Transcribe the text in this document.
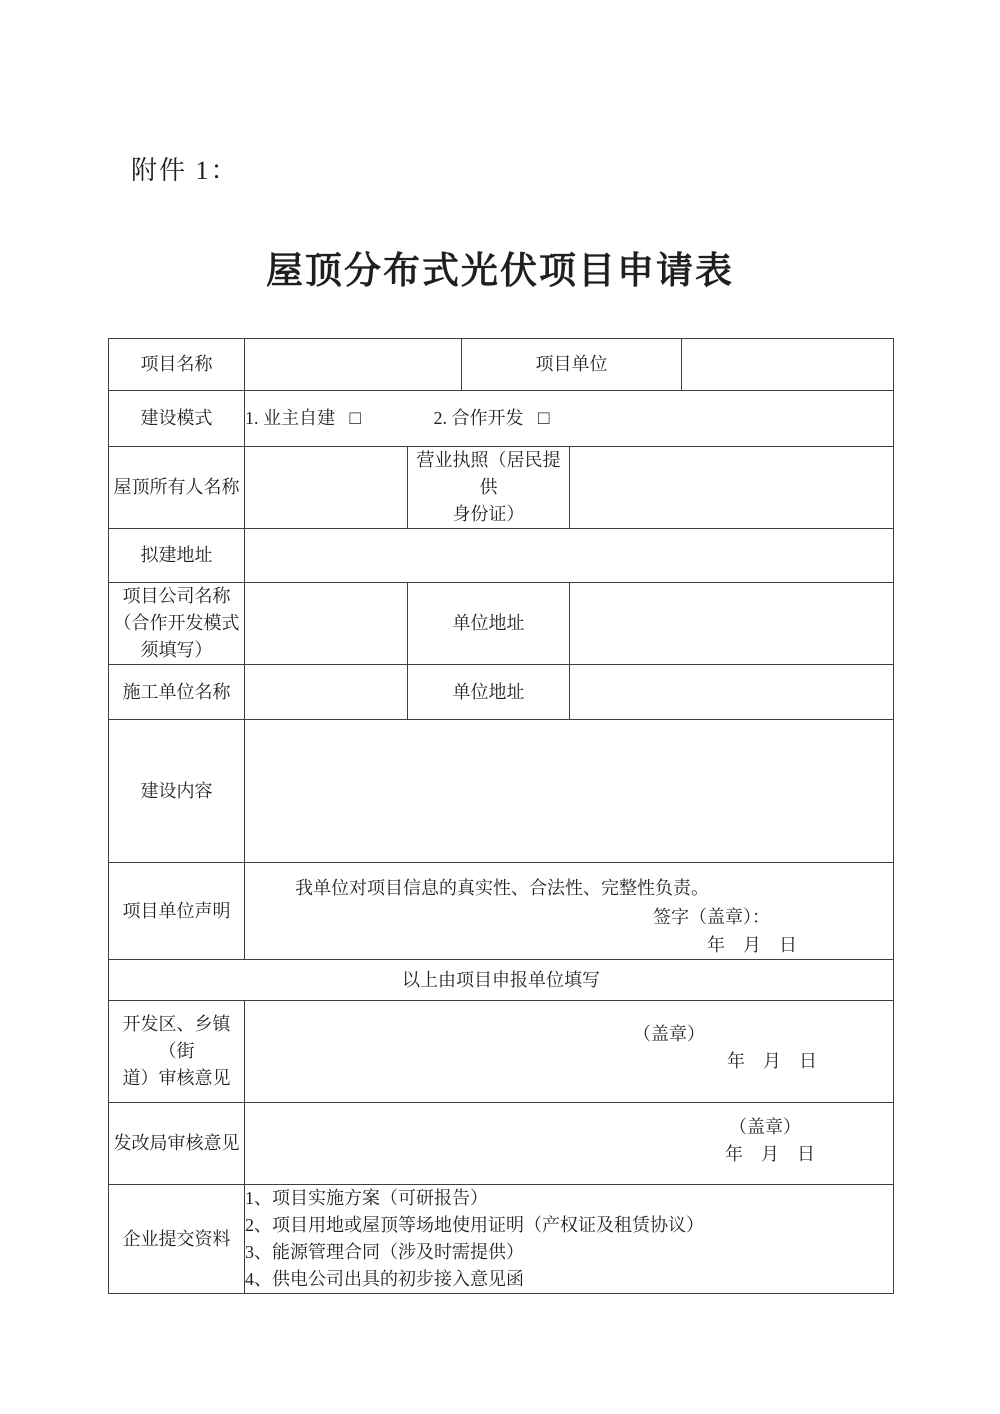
附件 1：
屋顶分布式光伏项目申请表
项目名称			项目单位		
建设模式	1. 业主自建 □ 2. 合作开发 □				
屋顶所有人名称		营业执照（居民提供
身份证）			

拟建地址					

项目公司名称
（合作开发模式
须填写）		单位地址			
施工单位名称		单位地址			
建设内容					
项目单位声明	我单位对项目信息的真实性、合法性、完整性负责。
签字（盖章）：
年    月    日				

以上由项目申报单位填写					

开发区、乡镇（街
道）审核意见

（盖章）
年    月    日

发改局审核意见	（盖章）
年    月    日				

企业提交资料	1、项目实施方案（可研报告）
2、项目用地或屋顶等场地使用证明（产权证及租赁协议）
3、能源管理合同（涉及时需提供）
4、供电公司出具的初步接入意见函				
